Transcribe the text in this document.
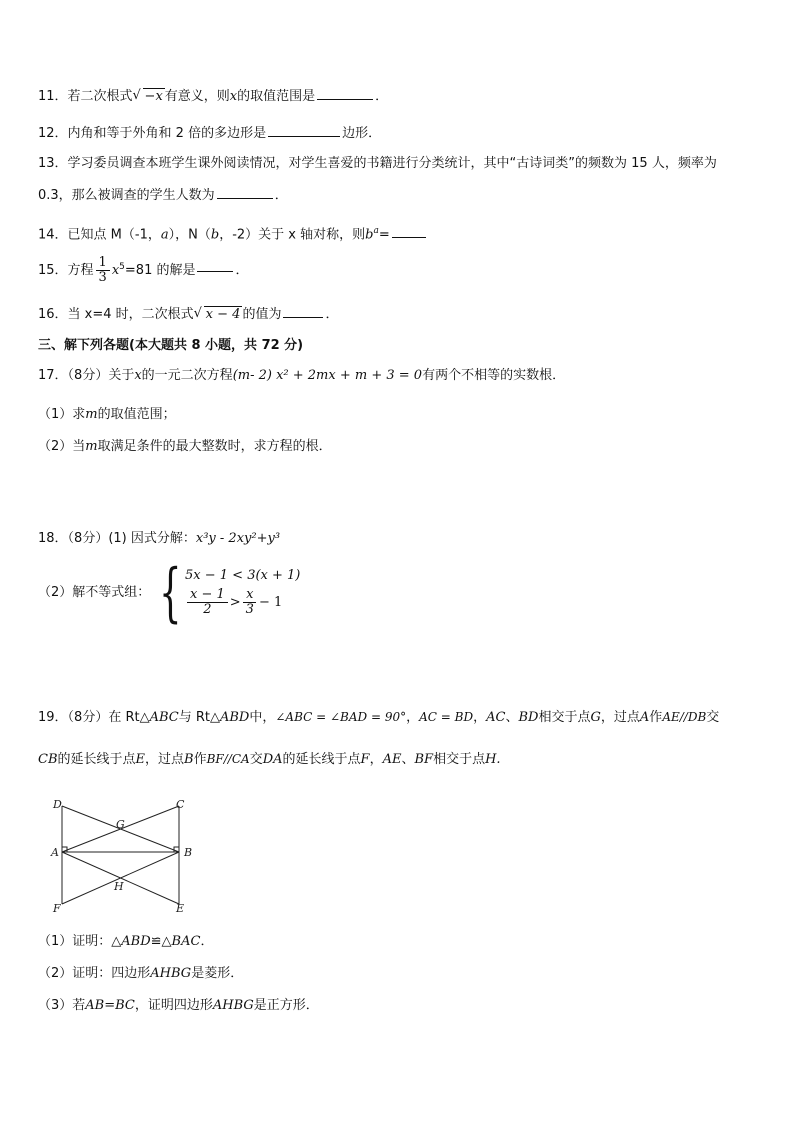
11．若二次根式 √ −x 有意义，则x的取值范围是	．
12．内角和等于外角和 2 倍的多边形是	边形．
13．学习委员调查本班学生课外阅读情况，对学生喜爱的书籍进行分类统计，其中“古诗词类”的频数为 15 人，频率为
0.3，那么被调查的学生人数为	．
14．已知点 M（-1，a），N（b，-2）关于 x 轴对称，则$b^a=$
15．方程 $\frac{1}{3} x^5=81$ 的解是	．
16．当 x=4 时，二次根式 √ x − 4 的值为	．
三、解下列各题(本大题共 8 小题，共 72 分)
17．（8分）关于x的一元二次方程(m- 2) x² + 2mx + m + 3 = 0有两个不相等的实数根．
（1）求m的取值范围；
（2）当m取满足条件的最大整数时，求方程的根．
18．（8分）(1) 因式分解：x³y - 2xy²+y³
（2）解不等式组： { 5x − 1 < 3(x + 1)
$\frac{x - 1}{2} > \frac{x}{3} - 1$
19．（8分）在 Rt△ABC与 Rt△ABD中，∠ABC = ∠BAD = 90°，AC = BD，AC、BD相交于点G，过点A作AE//DB交
CB的延长线于点E，过点B作BF//CA交DA的延长线于点F，AE、BF相交于点H.
D	C
G
A	B
H
F	E
（1）证明：△ABD≌△BAC．
（2）证明：四边形AHBG是菱形．
（3）若AB=BC，证明四边形AHBG是正方形．
